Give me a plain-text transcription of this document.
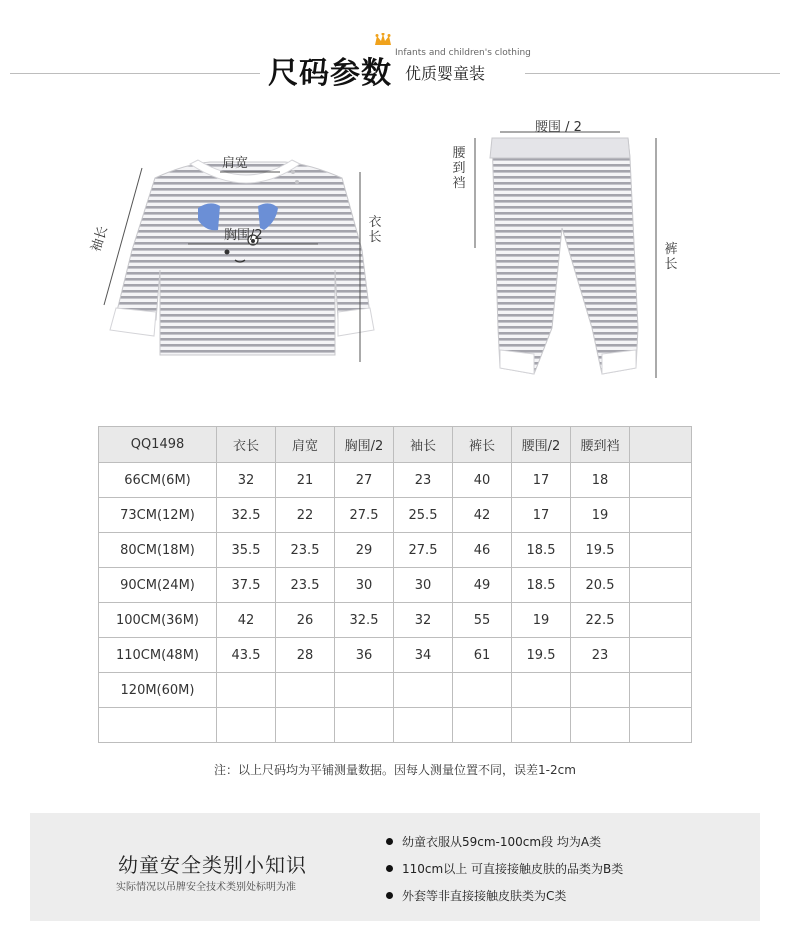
尺码参数
Infants and children's clothing
优质婴童装
肩宽
袖长	胸围/2
衣长
腰围 / 2
腰到裆
裤长
QQ1498	衣长	肩宽	胸围/2	袖长	裤长	腰围/2	腰到裆	
66CM(6M)	32	21	27	23	40	17	18	
73CM(12M)	32.5	22	27.5	25.5	42	17	19	
80CM(18M)	35.5	23.5	29	27.5	46	18.5	19.5	
90CM(24M)	37.5	23.5	30	30	49	18.5	20.5	
100CM(36M)	42	26	32.5	32	55	19	22.5	
110CM(48M)	43.5	28	36	34	61	19.5	23	
120M(60M)								

注：以上尺码均为平铺测量数据。因每人测量位置不同，误差1-2cm
幼童安全类别小知识
实际情况以吊牌安全技术类别处标明为准
幼童衣服从59cm-100cm段 均为A类
110cm以上 可直接接触皮肤的品类为B类
外套等非直接接触皮肤类为C类
